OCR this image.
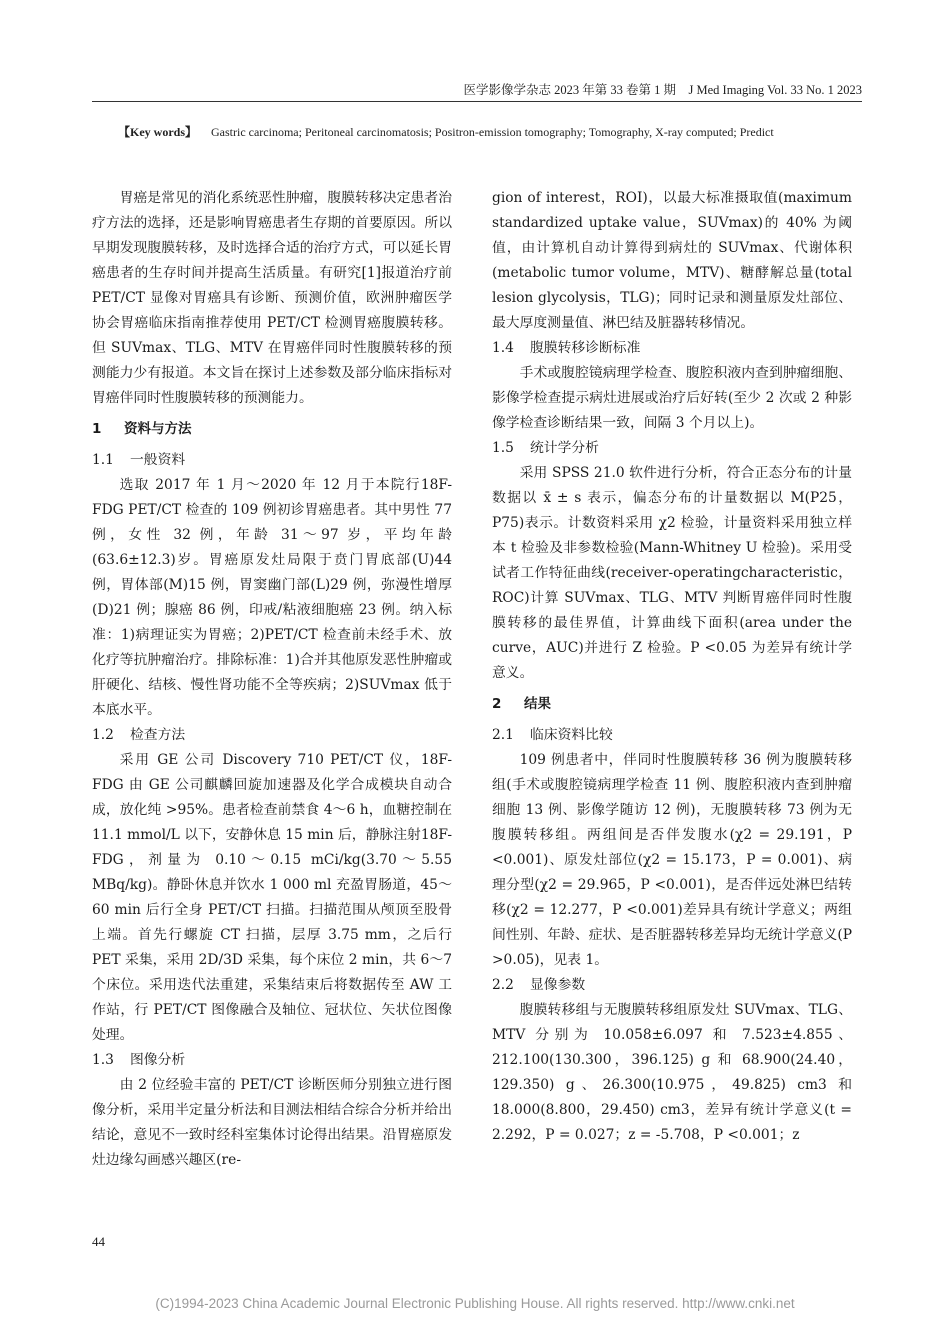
医学影像学杂志 2023 年第 33 卷第 1 期　J Med Imaging Vol. 33 No. 1 2023
【Key words】 Gastric carcinoma; Peritoneal carcinomatosis; Positron-emission tomography; Tomography, X-ray computed; Predict

胃癌是常见的消化系统恶性肿瘤，腹膜转移决定患者治疗方法的选择，还是影响胃癌患者生存期的首要原因。所以早期发现腹膜转移，及时选择合适的治疗方式，可以延长胃癌患者的生存时间并提高生活质量。有研究[1]报道治疗前 PET/CT 显像对胃癌具有诊断、预测价值，欧洲肿瘤医学协会胃癌临床指南推荐使用 PET/CT 检测胃癌腹膜转移。但 SUVmax、TLG、MTV 在胃癌伴同时性腹膜转移的预测能力少有报道。本文旨在探讨上述参数及部分临床指标对胃癌伴同时性腹膜转移的预测能力。

1 资料与方法
1.1 一般资料

选取 2017 年 1 月～2020 年 12 月于本院行18F-FDG PET/CT 检查的 109 例初诊胃癌患者。其中男性 77 例，女性 32 例，年龄 31～97 岁，平均年龄(63.6±12.3)岁。胃癌原发灶局限于贲门胃底部(U)44 例，胃体部(M)15 例，胃窦幽门部(L)29 例，弥漫性增厚(D)21 例；腺癌 86 例，印戒/粘液细胞癌 23 例。纳入标准：1)病理证实为胃癌；2)PET/CT 检查前未经手术、放化疗等抗肿瘤治疗。排除标准：1)合并其他原发恶性肿瘤或肝硬化、结核、慢性肾功能不全等疾病；2)SUVmax 低于本底水平。

1.2 检查方法

采用 GE 公司 Discovery 710 PET/CT 仪，18F-FDG 由 GE 公司麒麟回旋加速器及化学合成模块自动合成，放化纯 >95%。患者检查前禁食 4～6 h，血糖控制在 11.1 mmol/L 以下，安静休息 15 min 后，静脉注射18F-FDG，剂量为 0.10～0.15 mCi/kg(3.70～5.55 MBq/kg)。静卧休息并饮水 1 000 ml 充盈胃肠道，45～60 min 后行全身 PET/CT 扫描。扫描范围从颅顶至股骨上端。首先行螺旋 CT 扫描，层厚 3.75 mm，之后行 PET 采集，采用 2D/3D 采集，每个床位 2 min，共 6～7 个床位。采用迭代法重建，采集结束后将数据传至 AW 工作站，行 PET/CT 图像融合及轴位、冠状位、矢状位图像处理。

1.3 图像分析

由 2 位经验丰富的 PET/CT 诊断医师分别独立进行图像分析，采用半定量分析法和目测法相结合综合分析并给出结论，意见不一致时经科室集体讨论得出结果。沿胃癌原发灶边缘勾画感兴趣区(re-

gion of interest，ROI)，以最大标准摄取值(maximum standardized uptake value，SUVmax)的 40% 为阈值，由计算机自动计算得到病灶的 SUVmax、代谢体积(metabolic tumor volume，MTV)、糖酵解总量(total lesion glycolysis，TLG)；同时记录和测量原发灶部位、最大厚度测量值、淋巴结及脏器转移情况。

1.4 腹膜转移诊断标准

手术或腹腔镜病理学检查、腹腔积液内查到肿瘤细胞、影像学检查提示病灶进展或治疗后好转(至少 2 次或 2 种影像学检查诊断结果一致，间隔 3 个月以上)。

1.5 统计学分析

采用 SPSS 21.0 软件进行分析，符合正态分布的计量数据以 x̄ ± s 表示，偏态分布的计量数据以 M(P25，P75)表示。计数资料采用 χ2 检验，计量资料采用独立样本 t 检验及非参数检验(Mann-Whitney U 检验)。采用受试者工作特征曲线(receiver-operatingcharacteristic，ROC)计算 SUVmax、TLG、MTV 判断胃癌伴同时性腹膜转移的最佳界值，计算曲线下面积(area under the curve，AUC)并进行 Z 检验。P <0.05 为差异有统计学意义。

2 结果
2.1 临床资料比较

109 例患者中，伴同时性腹膜转移 36 例为腹膜转移组(手术或腹腔镜病理学检查 11 例、腹腔积液内查到肿瘤细胞 13 例、影像学随访 12 例)，无腹膜转移 73 例为无腹膜转移组。两组间是否伴发腹水(χ2 = 29.191，P <0.001)、原发灶部位(χ2 = 15.173，P = 0.001)、病理分型(χ2 = 29.965，P <0.001)，是否伴远处淋巴结转移(χ2 = 12.277，P <0.001)差异具有统计学意义；两组间性别、年龄、症状、是否脏器转移差异均无统计学意义(P >0.05)，见表 1。

2.2 显像参数

腹膜转移组与无腹膜转移组原发灶 SUVmax、TLG、MTV 分别为 10.058±6.097 和 7.523±4.855、212.100(130.300，396.125) g 和 68.900(24.40，129.350) g、26.300(10.975，49.825) cm3 和 18.000(8.800，29.450) cm3，差异有统计学意义(t = 2.292，P = 0.027；z = -5.708，P <0.001；z

44
(C)1994-2023 China Academic Journal Electronic Publishing House. All rights reserved. http://www.cnki.net
